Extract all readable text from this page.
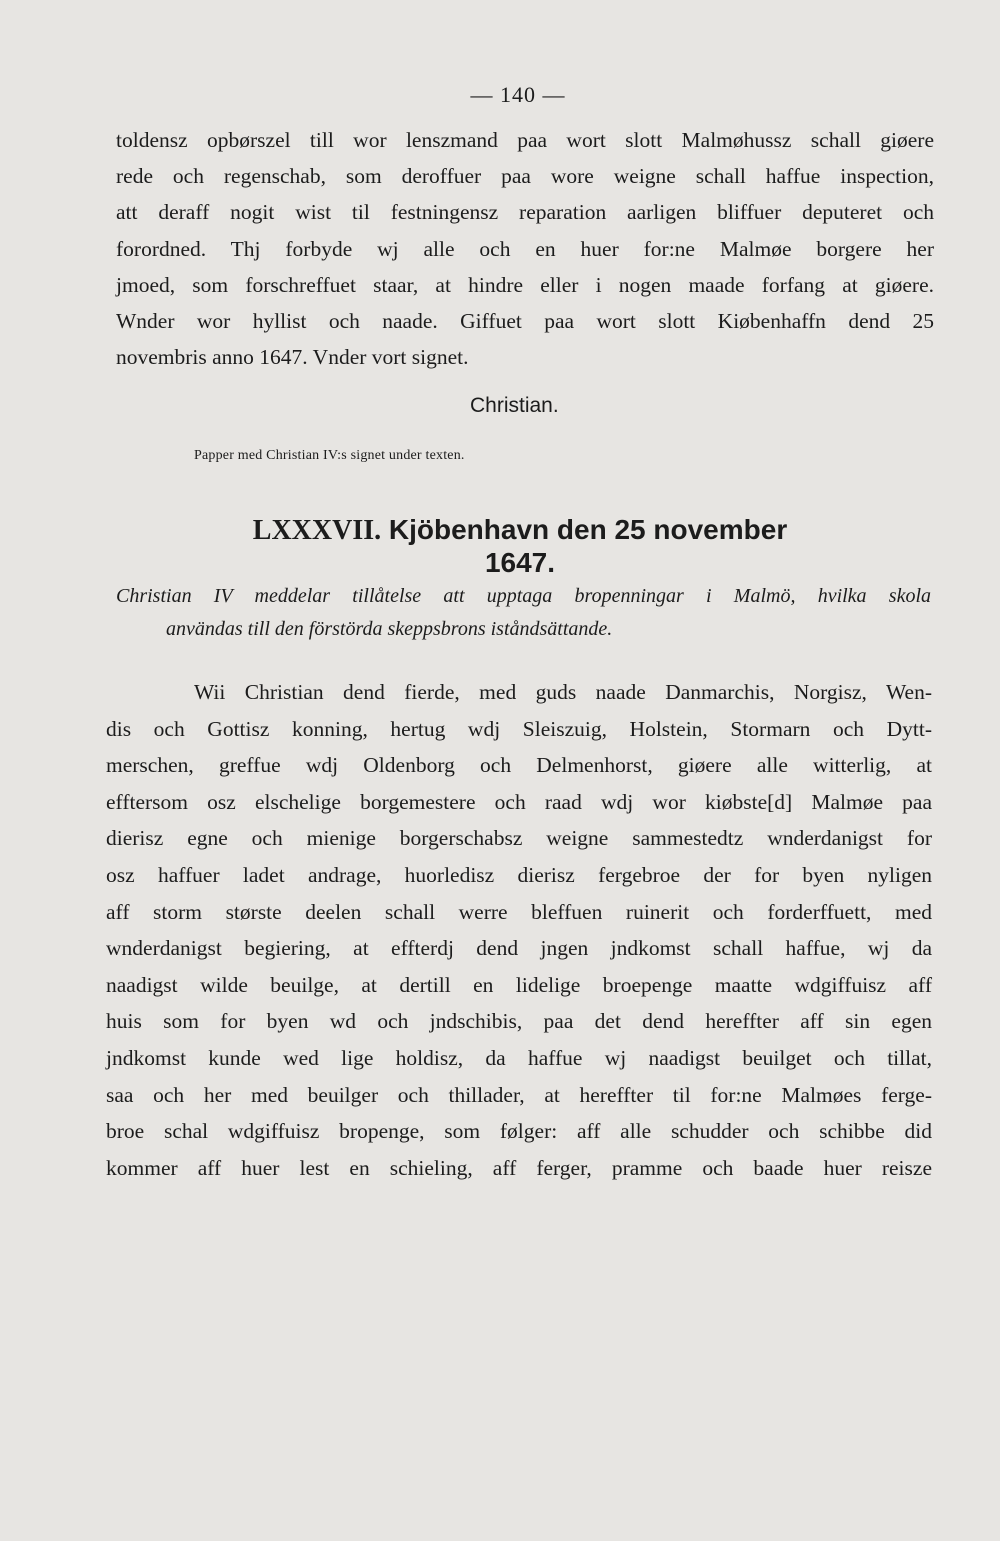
— 140 —
toldensz opbørszel till wor lenszmand paa wort slott Malmøhussz schall giøere
rede och regenschab, som deroffuer paa wore weigne schall haffue inspection,
att deraff nogit wist til festningensz reparation aarligen bliffuer deputeret och
forordned. Thj forbyde wj alle och en huer for:ne Malmøe borgere her
jmoed, som forschreffuet staar, at hindre eller i nogen maade forfang at giøere.
Wnder wor hyllist och naade. Giffuet paa wort slott Kiøbenhaffn dend 25
novembris anno 1647. Vnder vort signet.
Christian.
Papper med Christian IV:s signet under texten.
LXXXVII. Kjöbenhavn den 25 november 1647.
Christian IV meddelar tillåtelse att upptaga bropenningar i Malmö, hvilka skola
användas till den förstörda skeppsbrons iståndsättande.
Wii Christian dend fierde, med guds naade Danmarchis, Norgisz, Wen-
dis och Gottisz konning, hertug wdj Sleiszuig, Holstein, Stormarn och Dytt-
merschen, greffue wdj Oldenborg och Delmenhorst, giøere alle witterlig, at
efftersom osz elschelige borgemestere och raad wdj wor kiøbste[d] Malmøe paa
dierisz egne och mienige borgerschabsz weigne sammestedtz wnderdanigst for
osz haffuer ladet andrage, huorledisz dierisz fergebroe der for byen nyligen
aff storm største deelen schall werre bleffuen ruinerit och forderffuett, med
wnderdanigst begiering, at effterdj dend jngen jndkomst schall haffue, wj da
naadigst wilde beuilge, at dertill en lidelige broepenge maatte wdgiffuisz aff
huis som for byen wd och jndschibis, paa det dend hereffter aff sin egen
jndkomst kunde wed lige holdisz, da haffue wj naadigst beuilget och tillat,
saa och her med beuilger och thillader, at hereffter til for:ne Malmøes ferge-
broe schal wdgiffuisz bropenge, som følger: aff alle schudder och schibbe did
kommer aff huer lest en schieling, aff ferger, pramme och baade huer reisze
